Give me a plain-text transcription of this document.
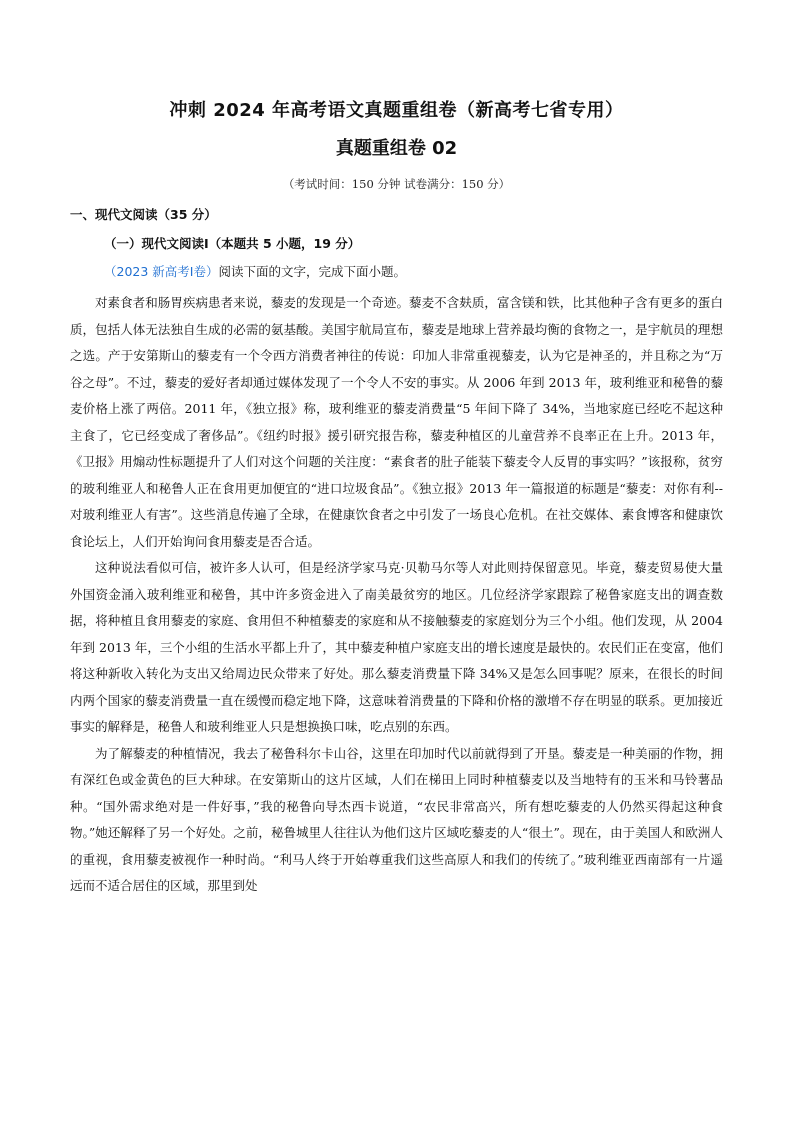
冲刺 2024 年高考语文真题重组卷（新高考七省专用）
真题重组卷 02
（考试时间：150 分钟 试卷满分：150 分）
一、现代文阅读（35 分）
（一）现代文阅读Ⅰ（本题共 5 小题，19 分）
（2023 新高考Ⅰ卷）阅读下面的文字，完成下面小题。

对素食者和肠胃疾病患者来说，藜麦的发现是一个奇迹。藜麦不含麸质，富含镁和铁，比其他种子含有更多的蛋白质，包括人体无法独自生成的必需的氨基酸。美国宇航局宣布，藜麦是地球上营养最均衡的食物之一，是宇航员的理想之选。产于安第斯山的藜麦有一个令西方消费者神往的传说：印加人非常重视藜麦，认为它是神圣的，并且称之为“万谷之母”。不过，藜麦的爱好者却通过媒体发现了一个令人不安的事实。从 2006 年到 2013 年，玻利维亚和秘鲁的藜麦价格上涨了两倍。2011 年，《独立报》称，玻利维亚的藜麦消费量“5 年间下降了 34%，当地家庭已经吃不起这种主食了，它已经变成了奢侈品”。《纽约时报》援引研究报告称，藜麦种植区的儿童营养不良率正在上升。2013 年，《卫报》用煽动性标题提升了人们对这个问题的关注度：“素食者的肚子能装下藜麦令人反胃的事实吗？”该报称，贫穷的玻利维亚人和秘鲁人正在食用更加便宜的“进口垃圾食品”。《独立报》2013 年一篇报道的标题是“藜麦：对你有利--对玻利维亚人有害”。这些消息传遍了全球，在健康饮食者之中引发了一场良心危机。在社交媒体、素食博客和健康饮食论坛上，人们开始询问食用藜麦是否合适。

这种说法看似可信，被许多人认可，但是经济学家马克·贝勒马尔等人对此则持保留意见。毕竟，藜麦贸易使大量外国资金涌入玻利维亚和秘鲁，其中许多资金进入了南美最贫穷的地区。几位经济学家跟踪了秘鲁家庭支出的调查数据，将种植且食用藜麦的家庭、食用但不种植藜麦的家庭和从不接触藜麦的家庭划分为三个小组。他们发现，从 2004 年到 2013 年，三个小组的生活水平都上升了，其中藜麦种植户家庭支出的增长速度是最快的。农民们正在变富，他们将这种新收入转化为支出又给周边民众带来了好处。那么藜麦消费量下降 34%又是怎么回事呢？原来，在很长的时间内两个国家的藜麦消费量一直在缓慢而稳定地下降，这意味着消费量的下降和价格的激增不存在明显的联系。更加接近事实的解释是，秘鲁人和玻利维亚人只是想换换口味，吃点别的东西。

为了解藜麦的种植情况，我去了秘鲁科尔卡山谷，这里在印加时代以前就得到了开垦。藜麦是一种美丽的作物，拥有深红色或金黄色的巨大种球。在安第斯山的这片区域，人们在梯田上同时种植藜麦以及当地特有的玉米和马铃薯品种。“国外需求绝对是一件好事，”我的秘鲁向导杰西卡说道，“农民非常高兴，所有想吃藜麦的人仍然买得起这种食物。”她还解释了另一个好处。之前，秘鲁城里人往往认为他们这片区域吃藜麦的人“很土”。现在，由于美国人和欧洲人的重视，食用藜麦被视作一种时尚。“利马人终于开始尊重我们这些高原人和我们的传统了。”玻利维亚西南部有一片遥远而不适合居住的区域，那里到处
